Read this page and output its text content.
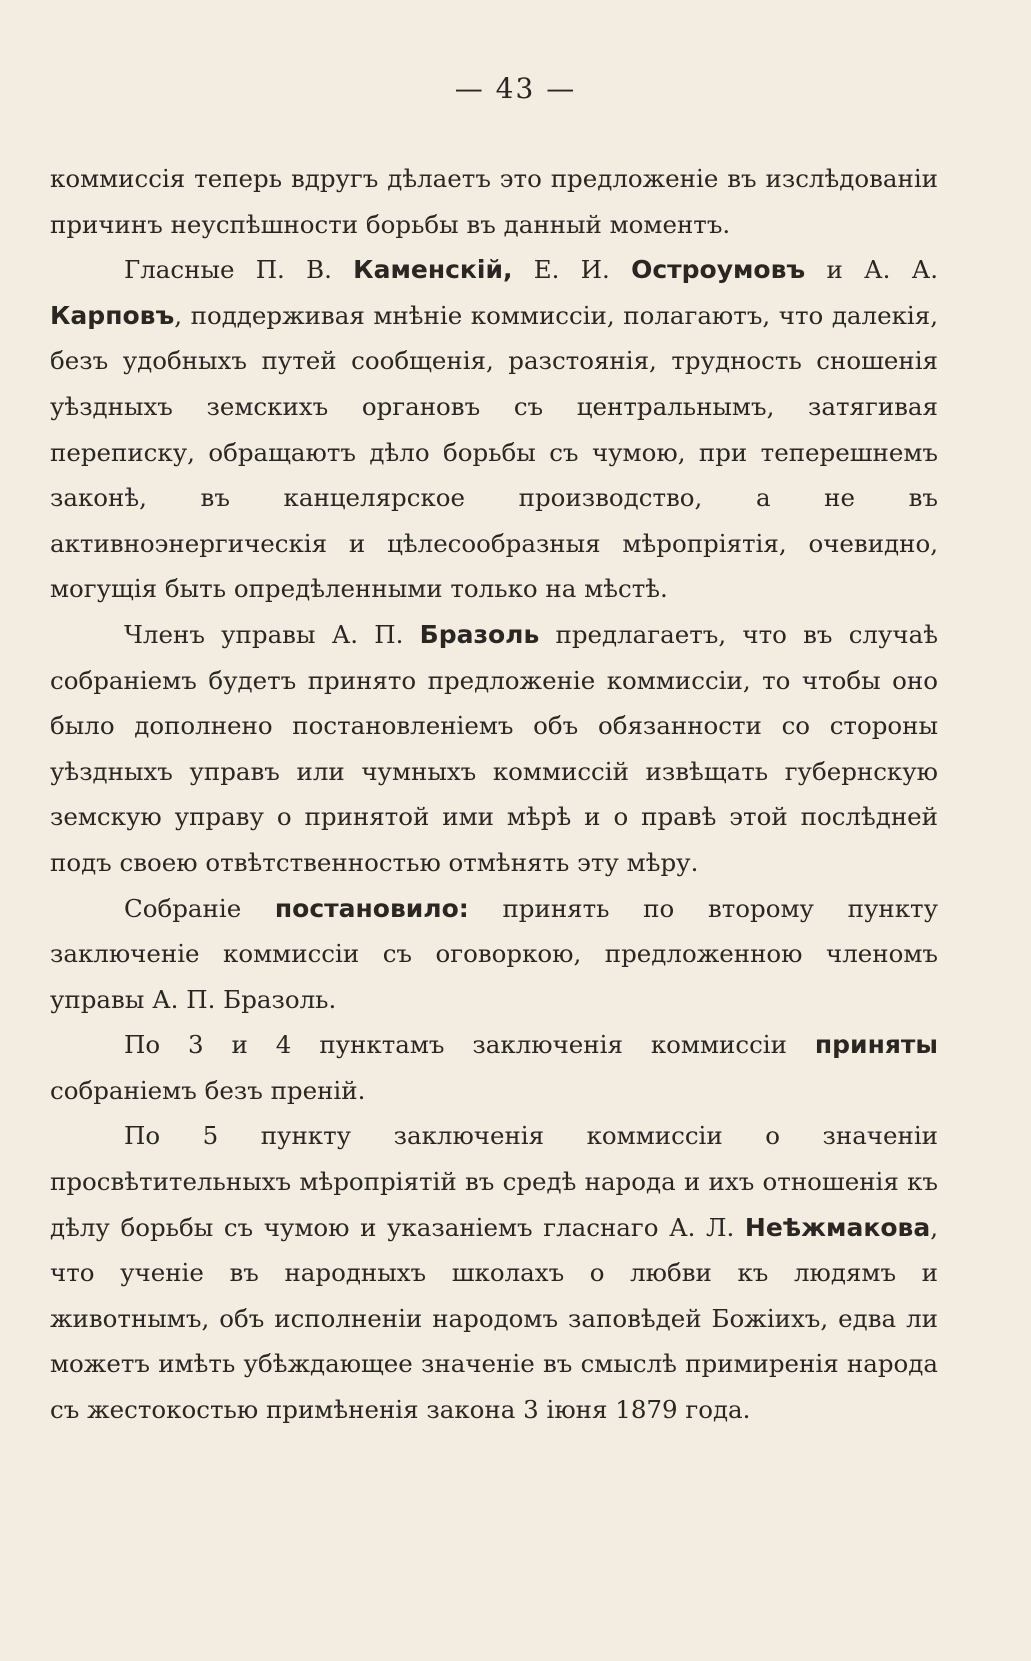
— 43 —

коммиссія теперь вдругъ дѣлаетъ это предложеніе въ изслѣдованіи причинъ неуспѣшности борьбы въ данный моментъ.

Гласные П. В. Каменскій, Е. И. Остроумовъ и А. А. Карповъ, поддерживая мнѣніе коммиссіи, полагаютъ, что далекія, безъ удобныхъ путей сообщенія, разстоянія, трудность сношенія уѣздныхъ земскихъ органовъ съ центральнымъ, затягивая переписку, обращаютъ дѣло борьбы съ чумою, при теперешнемъ законѣ, въ канцелярское производство, а не въ активноэнергическія и цѣлесообразныя мѣропріятія, очевидно, могущія быть опредѣленными только на мѣстѣ.

Членъ управы А. П. Бразоль предлагаетъ, что въ случаѣ собраніемъ будетъ принято предложеніе коммиссіи, то чтобы оно было дополнено постановленіемъ объ обязанности со стороны уѣздныхъ управъ или чумныхъ коммиссій извѣщать губернскую земскую управу о принятой ими мѣрѣ и о правѣ этой послѣдней подъ своею отвѣтственностью отмѣнять эту мѣру.

Собраніе постановило: принять по второму пункту заключеніе коммиссіи съ оговоркою, предложенною членомъ управы А. П. Бразоль.

По 3 и 4 пунктамъ заключенія коммиссіи приняты собраніемъ безъ преній.

По 5 пункту заключенія коммиссіи о значеніи просвѣтительныхъ мѣропріятій въ средѣ народа и ихъ отношенія къ дѣлу борьбы съ чумою и указаніемъ гласнаго А. Л. Неѣжмакова, что ученіе въ народныхъ школахъ о любви къ людямъ и животнымъ, объ исполненіи народомъ заповѣдей Божіихъ, едва ли можетъ имѣть убѣждающее значеніе въ смыслѣ примиренія народа съ жестокостью примѣненія закона 3 іюня 1879 года.
